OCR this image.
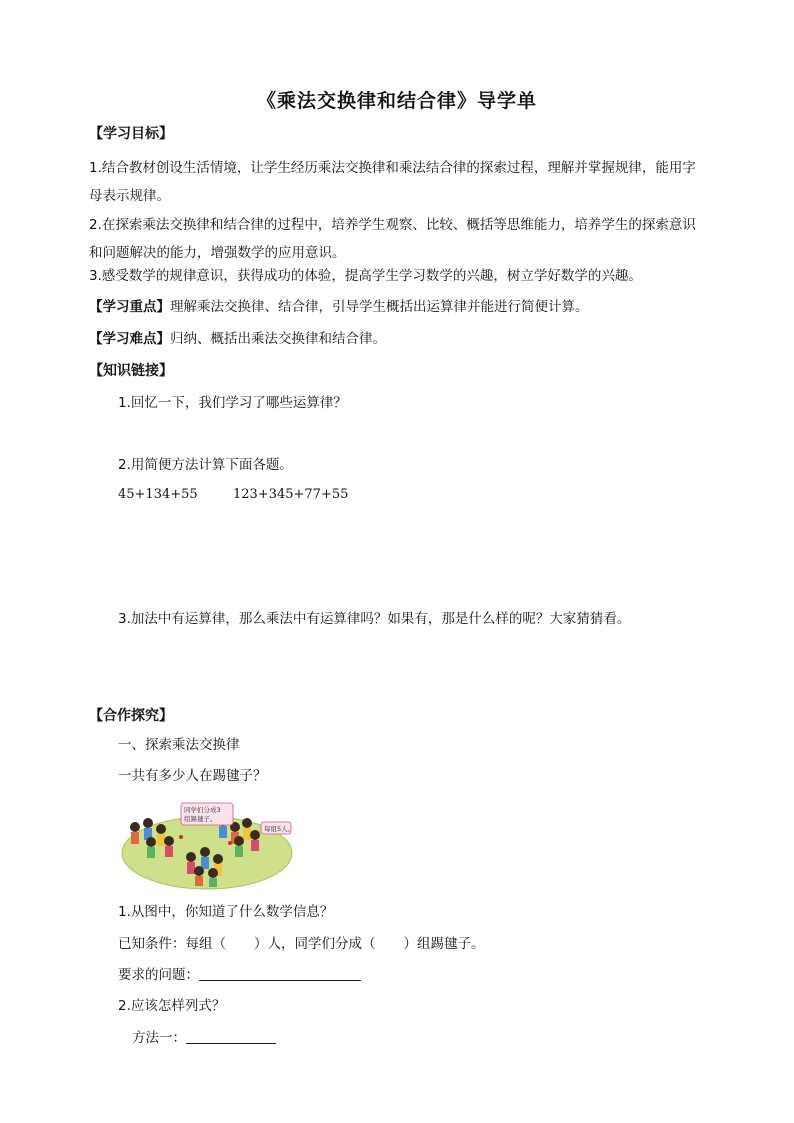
《乘法交换律和结合律》导学单
【学习目标】
1.结合教材创设生活情境，让学生经历乘法交换律和乘法结合律的探索过程，理解并掌握规律，能用字母表示规律。
2.在探索乘法交换律和结合律的过程中，培养学生观察、比较、概括等思维能力，培养学生的探索意识和问题解决的能力，增强数学的应用意识。
3.感受数学的规律意识，获得成功的体验，提高学生学习数学的兴趣，树立学好数学的兴趣。
【学习重点】理解乘法交换律、结合律，引导学生概括出运算律并能进行简便计算。
【学习难点】归纳、概括出乘法交换律和结合律。
【知识链接】
1.回忆一下，我们学习了哪些运算律？
2.用简便方法计算下面各题。
45+134+55	123+345+77+55
3.加法中有运算律，那么乘法中有运算律吗？如果有，那是什么样的呢？大家猜猜看。
【合作探究】
一、探索乘法交换律
一共有多少人在踢毽子？
同学们分成3
组踢毽子。
每组5人。
1.从图中，你知道了什么数学信息？
已知条件：每组（ ）人，同学们分成（ ）组踢毽子。
要求的问题：
2.应该怎样列式？
方法一：
